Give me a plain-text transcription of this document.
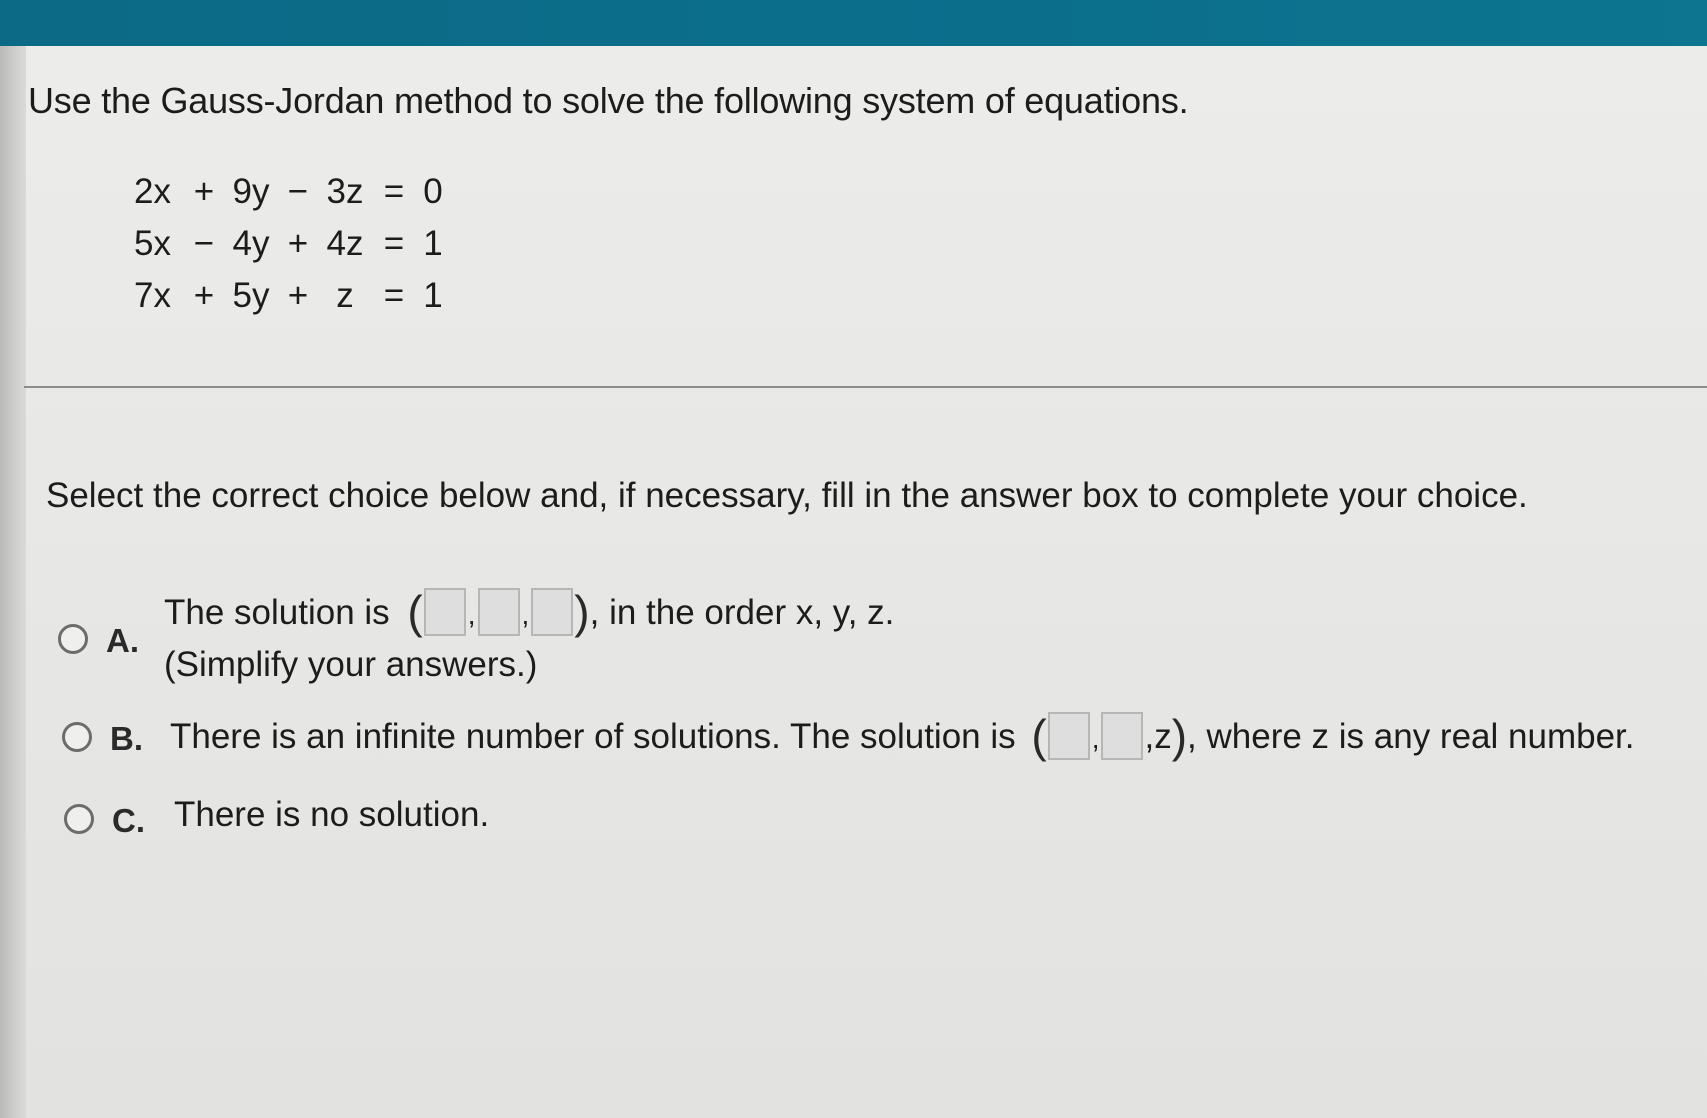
Use the Gauss-Jordan method to solve the following system of equations.
2x + 9y − 3z = 0
5x − 4y + 4z = 1
7x + 5y + z = 1
Select the correct choice below and, if necessary, fill in the answer box to complete your choice.
A.
The solution is ( , , ), in the order x, y, z.
(Simplify your answers.)
B. There is an infinite number of solutions. The solution is ( , ,z), where z is any real number.
C. There is no solution.
